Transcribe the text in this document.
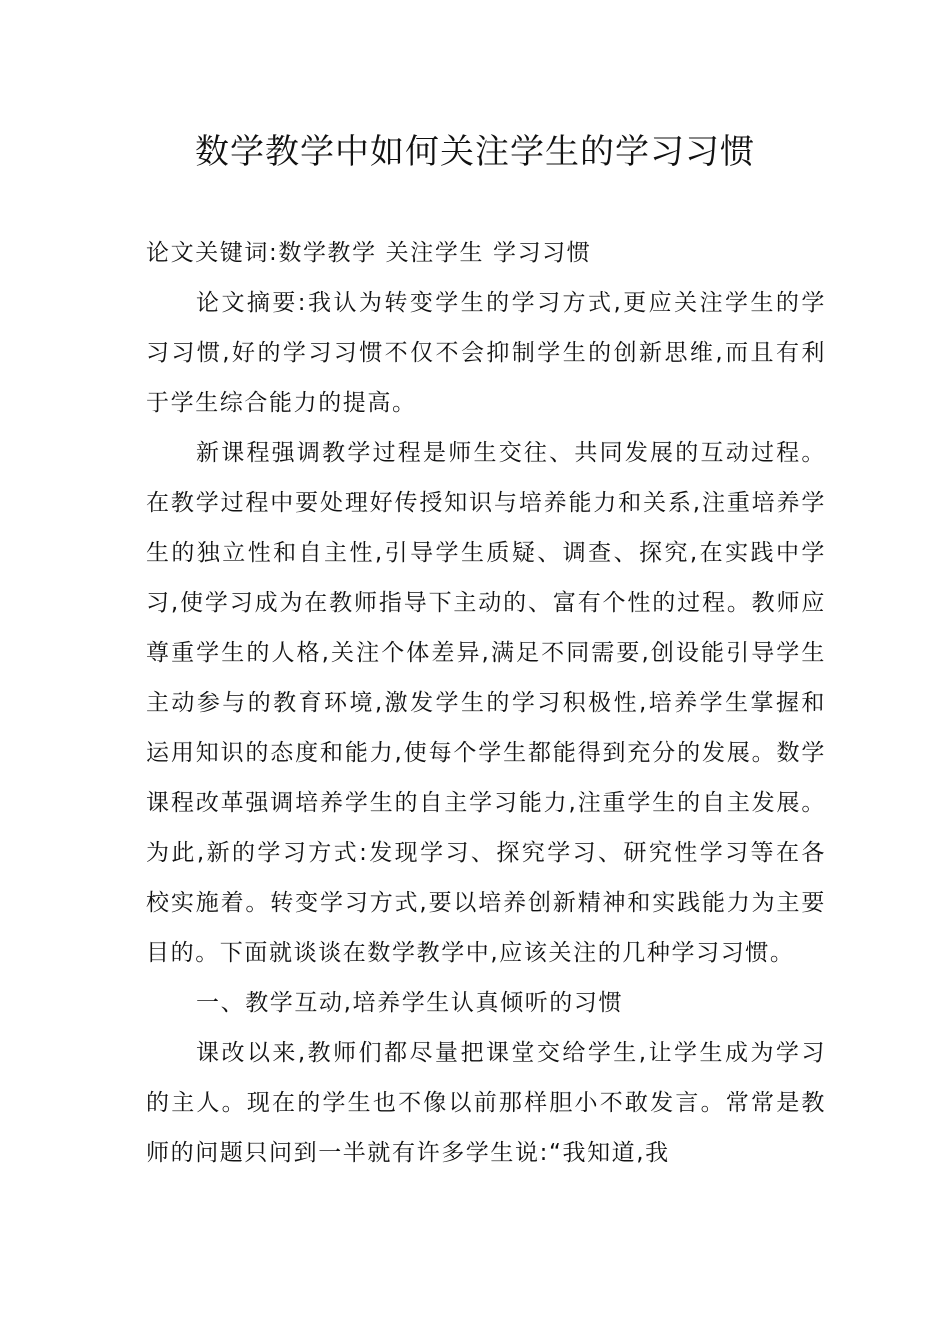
数学教学中如何关注学生的学习习惯

论文关键词:数学教学 关注学生 学习习惯

论文摘要:我认为转变学生的学习方式,更应关注学生的学习习惯,好的学习习惯不仅不会抑制学生的创新思维,而且有利于学生综合能力的提高。

新课程强调教学过程是师生交往、共同发展的互动过程。在教学过程中要处理好传授知识与培养能力和关系,注重培养学生的独立性和自主性,引导学生质疑、调查、探究,在实践中学习,使学习成为在教师指导下主动的、富有个性的过程。教师应尊重学生的人格,关注个体差异,满足不同需要,创设能引导学生主动参与的教育环境,激发学生的学习积极性,培养学生掌握和运用知识的态度和能力,使每个学生都能得到充分的发展。数学课程改革强调培养学生的自主学习能力,注重学生的自主发展。为此,新的学习方式:发现学习、探究学习、研究性学习等在各校实施着。转变学习方式,要以培养创新精神和实践能力为主要目的。下面就谈谈在数学教学中,应该关注的几种学习习惯。

一、教学互动,培养学生认真倾听的习惯

课改以来,教师们都尽量把课堂交给学生,让学生成为学习的主人。现在的学生也不像以前那样胆小不敢发言。常常是教师的问题只问到一半就有许多学生说:“我知道,我
